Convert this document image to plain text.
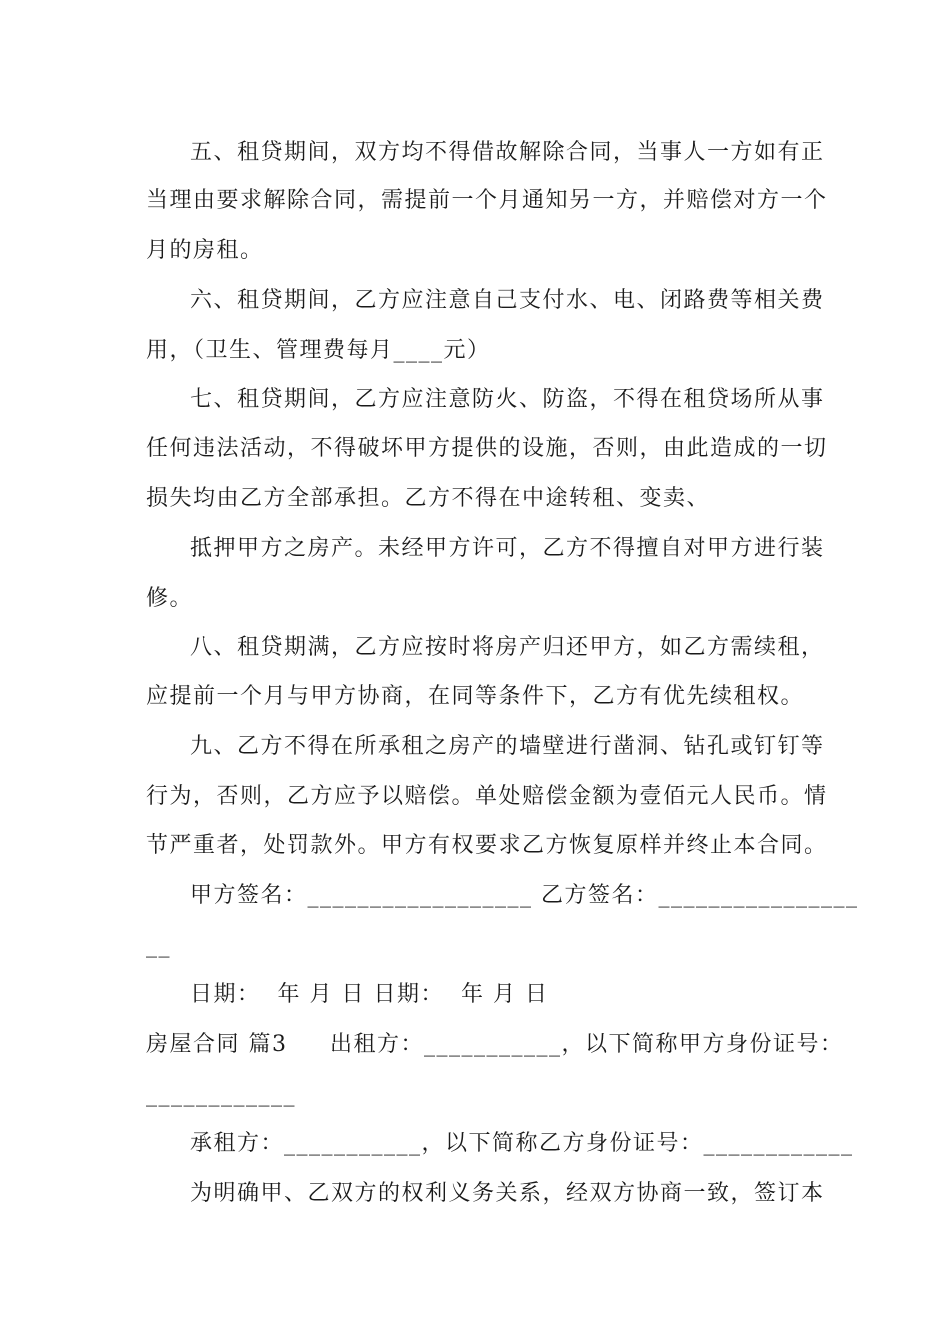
五、租贷期间，双方均不得借故解除合同，当事人一方如有正
当理由要求解除合同，需提前一个月通知另一方，并赔偿对方一个
月的房租。
六、租贷期间，乙方应注意自己支付水、电、闭路费等相关费
用，（卫生、管理费每月____元）
七、租贷期间，乙方应注意防火、防盗，不得在租贷场所从事
任何违法活动，不得破坏甲方提供的设施，否则，由此造成的一切
损失均由乙方全部承担。乙方不得在中途转租、变卖、
抵押甲方之房产。未经甲方许可，乙方不得擅自对甲方进行装
修。
八、租贷期满，乙方应按时将房产归还甲方，如乙方需续租，
应提前一个月与甲方协商，在同等条件下，乙方有优先续租权。
九、乙方不得在所承租之房产的墙壁进行凿洞、钻孔或钉钉等
行为，否则，乙方应予以赔偿。单处赔偿金额为壹佰元人民币。情
节严重者，处罚款外。甲方有权要求乙方恢复原样并终止本合同。
甲方签名：__________________ 乙方签名：________________
__
日期：  年 月 日 日期：  年 月 日
房屋合同 篇3     出租方：___________，以下简称甲方身份证号：
____________
承租方：___________，以下简称乙方身份证号：____________
为明确甲、乙双方的权利义务关系，经双方协商一致，签订本
